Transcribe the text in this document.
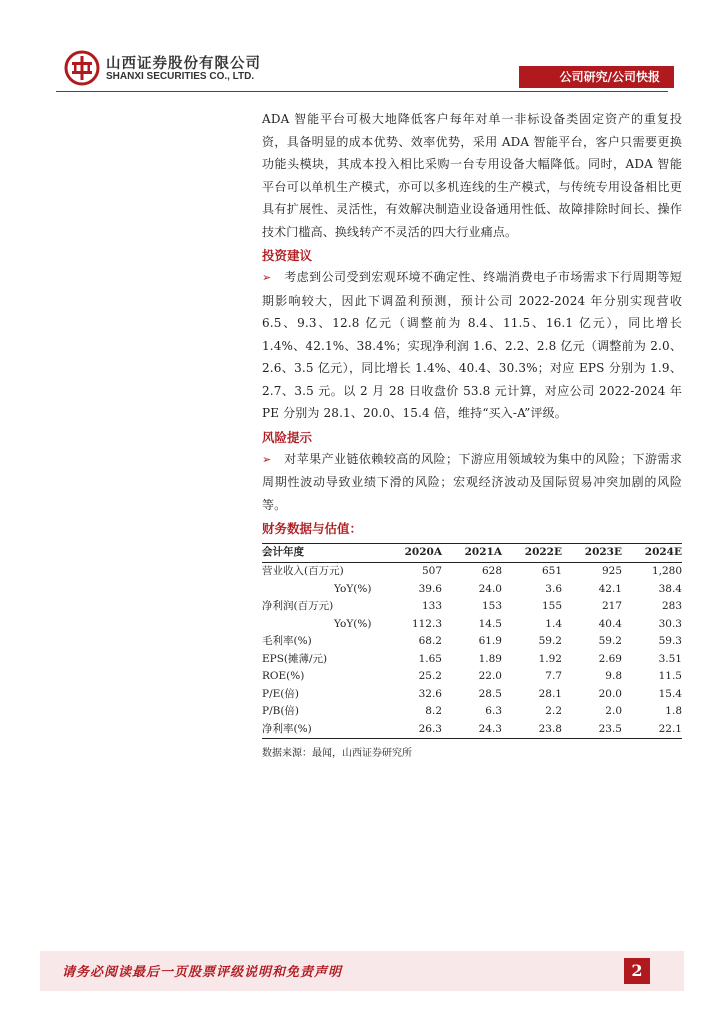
山西证券股份有限公司
SHANXI SECURITIES CO., LTD.	公司研究/公司快报

ADA 智能平台可极大地降低客户每年对单一非标设备类固定资产的重复投资，具备明显的成本优势、效率优势，采用 ADA 智能平台，客户只需要更换功能头模块，其成本投入相比采购一台专用设备大幅降低。同时，ADA 智能平台可以单机生产模式，亦可以多机连线的生产模式，与传统专用设备相比更具有扩展性、灵活性，有效解决制造业设备通用性低、故障排除时间长、操作技术门槛高、换线转产不灵活的四大行业痛点。

投资建议

➢ 考虑到公司受到宏观环境不确定性、终端消费电子市场需求下行周期等短期影响较大，因此下调盈利预测，预计公司 2022-2024 年分别实现营收 6.5、9.3、12.8 亿元（调整前为 8.4、11.5、16.1 亿元），同比增长 1.4%、42.1%、38.4%；实现净利润 1.6、2.2、2.8 亿元（调整前为 2.0、2.6、3.5 亿元），同比增长 1.4%、40.4、30.3%；对应 EPS 分别为 1.9、2.7、3.5 元。以 2 月 28 日收盘价 53.8 元计算，对应公司 2022-2024 年 PE 分别为 28.1、20.0、15.4 倍，维持“买入-A”评级。

风险提示

➢ 对苹果产业链依赖较高的风险；下游应用领域较为集中的风险；下游需求周期性波动导致业绩下滑的风险；宏观经济波动及国际贸易冲突加剧的风险等。

财务数据与估值：
会计年度	2020A	2021A	2022E	2023E	2024E
营业收入(百万元)	507	628	651	925	1,280
YoY(%)	39.6	24.0	3.6	42.1	38.4
净利润(百万元)	133	153	155	217	283
YoY(%)	112.3	14.5	1.4	40.4	30.3
毛利率(%)	68.2	61.9	59.2	59.2	59.3
EPS(摊薄/元)	1.65	1.89	1.92	2.69	3.51
ROE(%)	25.2	22.0	7.7	9.8	11.5
P/E(倍)	32.6	28.5	28.1	20.0	15.4
P/B(倍)	8.2	6.3	2.2	2.0	1.8
净利率(%)	26.3	24.3	23.8	23.5	22.1
数据来源：最闻，山西证券研究所
请务必阅读最后一页股票评级说明和免责声明	2
